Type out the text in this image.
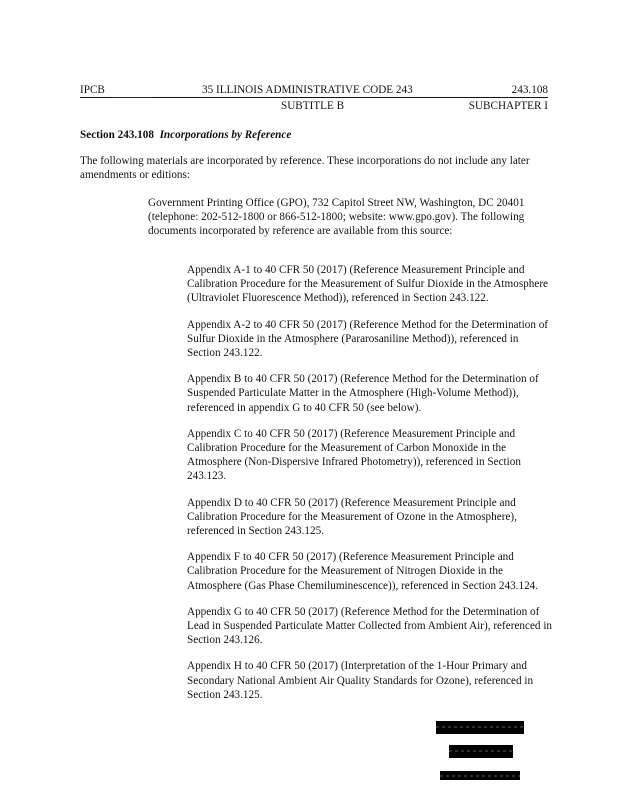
IPCB	35 ILLINOIS ADMINISTRATIVE CODE 243	243.108
SUBTITLE B	SUBCHAPTER I
Section 243.108 Incorporations by Reference

The following materials are incorporated by reference. These incorporations do not include any later amendments or editions:

Government Printing Office (GPO), 732 Capitol Street NW, Washington, DC 20401 (telephone: 202-512-1800 or 866-512-1800; website: www.gpo.gov). The following documents incorporated by reference are available from this source:

Appendix A-1 to 40 CFR 50 (2017) (Reference Measurement Principle and Calibration Procedure for the Measurement of Sulfur Dioxide in the Atmosphere (Ultraviolet Fluorescence Method)), referenced in Section 243.122.
Appendix A-2 to 40 CFR 50 (2017) (Reference Method for the Determination of Sulfur Dioxide in the Atmosphere (Pararosaniline Method)), referenced in Section 243.122.
Appendix B to 40 CFR 50 (2017) (Reference Method for the Determination of Suspended Particulate Matter in the Atmosphere (High-Volume Method)), referenced in appendix G to 40 CFR 50 (see below).
Appendix C to 40 CFR 50 (2017) (Reference Measurement Principle and Calibration Procedure for the Measurement of Carbon Monoxide in the Atmosphere (Non-Dispersive Infrared Photometry)), referenced in Section 243.123.
Appendix D to 40 CFR 50 (2017) (Reference Measurement Principle and Calibration Procedure for the Measurement of Ozone in the Atmosphere), referenced in Section 243.125.
Appendix F to 40 CFR 50 (2017) (Reference Measurement Principle and Calibration Procedure for the Measurement of Nitrogen Dioxide in the Atmosphere (Gas Phase Chemiluminescence)), referenced in Section 243.124.
Appendix G to 40 CFR 50 (2017) (Reference Method for the Determination of Lead in Suspended Particulate Matter Collected from Ambient Air), referenced in Section 243.126.
Appendix H to 40 CFR 50 (2017) (Interpretation of the 1-Hour Primary and Secondary National Ambient Air Quality Standards for Ozone), referenced in Section 243.125.
